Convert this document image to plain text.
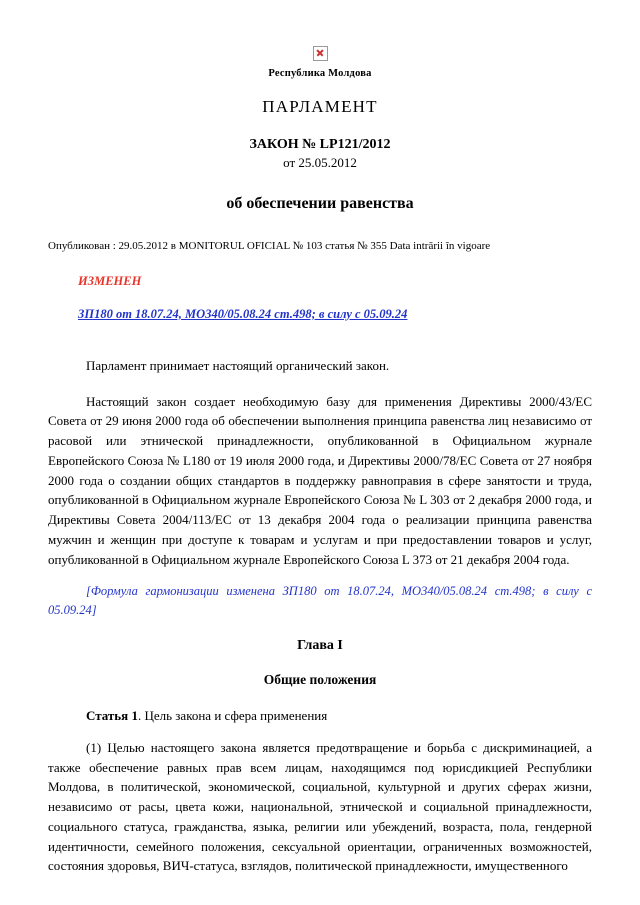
Республика Молдова
ПАРЛАМЕНТ
ЗАКОН № LP121/2012
от 25.05.2012
об обеспечении равенства
Опубликован : 29.05.2012 в MONITORUL OFICIAL № 103 статья № 355 Data intrării în vigoare
ИЗМЕНЕН
ЗП180 от 18.07.24, МО340/05.08.24 ст.498; в силу с 05.09.24

Парламент принимает настоящий органический закон.

Настоящий закон создает необходимую базу для применения Директивы 2000/43/ЕС Совета от 29 июня 2000 года об обеспечении выполнения принципа равенства лиц независимо от расовой или этнической принадлежности, опубликованной в Официальном журнале Европейского Союза № L180 от 19 июля 2000 года, и Директивы 2000/78/ЕС Совета от 27 ноября 2000 года о создании общих стандартов в поддержку равноправия в сфере занятости и труда, опубликованной в Официальном журнале Европейского Союза № L 303 от 2 декабря 2000 года, и Директивы Совета 2004/113/ЕС от 13 декабря 2004 года о реализации принципа равенства мужчин и женщин при доступе к товарам и услугам и при предоставлении товаров и услуг, опубликованной в Официальном журнале Европейского Союза L 373 от 21 декабря 2004 года.

[Формула гармонизации изменена ЗП180 от 18.07.24, МО340/05.08.24 ст.498; в силу с 05.09.24]
Глава I
Общие положения
Статья 1. Цель закона и сфера применения

(1) Целью настоящего закона является предотвращение и борьба с дискриминацией, а также обеспечение равных прав всем лицам, находящимся под юрисдикцией Республики Молдова, в политической, экономической, социальной, культурной и других сферах жизни, независимо от расы, цвета кожи, национальной, этнической и социальной принадлежности, социального статуса, гражданства, языка, религии или убеждений, возраста, пола, гендерной идентичности, семейного положения, сексуальной ориентации, ограниченных возможностей, состояния здоровья, ВИЧ-статуса, взглядов, политической принадлежности, имущественного
